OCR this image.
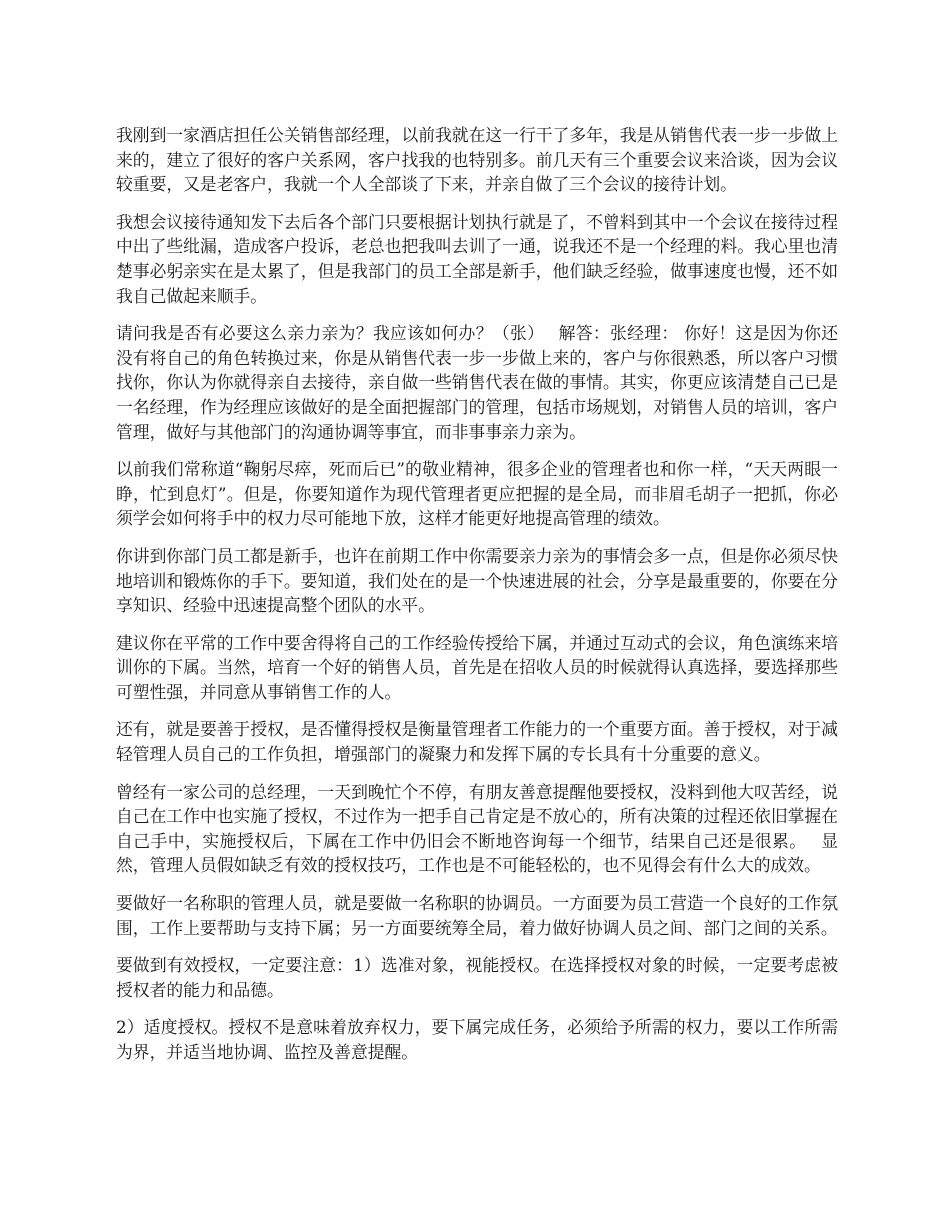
我刚到一家酒店担任公关销售部经理，以前我就在这一行干了多年，我是从销售代表一步一步做上来的，建立了很好的客户关系网，客户找我的也特别多。前几天有三个重要会议来洽谈，因为会议较重要，又是老客户，我就一个人全部谈了下来，并亲自做了三个会议的接待计划。

我想会议接待通知发下去后各个部门只要根据计划执行就是了，不曾料到其中一个会议在接待过程中出了些纰漏，造成客户投诉，老总也把我叫去训了一通，说我还不是一个经理的料。我心里也清楚事必躬亲实在是太累了，但是我部门的员工全部是新手，他们缺乏经验，做事速度也慢，还不如我自己做起来顺手。

请问我是否有必要这么亲力亲为？我应该如何办？（张）　 解答：张经理： 你好！这是因为你还没有将自己的角色转换过来，你是从销售代表一步一步做上来的，客户与你很熟悉，所以客户习惯找你，你认为你就得亲自去接待，亲自做一些销售代表在做的事情。其实，你更应该清楚自己已是一名经理，作为经理应该做好的是全面把握部门的管理，包括市场规划，对销售人员的培训，客户管理，做好与其他部门的沟通协调等事宜，而非事事亲力亲为。

以前我们常称道“鞠躬尽瘁，死而后已”的敬业精神，很多企业的管理者也和你一样，“天天两眼一睁，忙到息灯”。但是，你要知道作为现代管理者更应把握的是全局，而非眉毛胡子一把抓，你必须学会如何将手中的权力尽可能地下放，这样才能更好地提高管理的绩效。

你讲到你部门员工都是新手，也许在前期工作中你需要亲力亲为的事情会多一点，但是你必须尽快地培训和锻炼你的手下。要知道，我们处在的是一个快速进展的社会，分享是最重要的，你要在分享知识、经验中迅速提高整个团队的水平。

建议你在平常的工作中要舍得将自己的工作经验传授给下属，并通过互动式的会议，角色演练来培训你的下属。当然，培育一个好的销售人员，首先是在招收人员的时候就得认真选择，要选择那些可塑性强，并同意从事销售工作的人。

还有，就是要善于授权，是否懂得授权是衡量管理者工作能力的一个重要方面。善于授权，对于减轻管理人员自己的工作负担，增强部门的凝聚力和发挥下属的专长具有十分重要的意义。

曾经有一家公司的总经理，一天到晚忙个不停，有朋友善意提醒他要授权，没料到他大叹苦经，说自己在工作中也实施了授权，不过作为一把手自己肯定是不放心的，所有决策的过程还依旧掌握在自己手中，实施授权后，下属在工作中仍旧会不断地咨询每一个细节，结果自己还是很累。　 显然，管理人员假如缺乏有效的授权技巧，工作也是不可能轻松的，也不见得会有什么大的成效。

要做好一名称职的管理人员，就是要做一名称职的协调员。一方面要为员工营造一个良好的工作氛围，工作上要帮助与支持下属；另一方面要统筹全局，着力做好协调人员之间、部门之间的关系。

要做到有效授权，一定要注意：1）选准对象，视能授权。在选择授权对象的时候，一定要考虑被授权者的能力和品德。

2）适度授权。授权不是意味着放弃权力，要下属完成任务，必须给予所需的权力，要以工作所需为界，并适当地协调、监控及善意提醒。
